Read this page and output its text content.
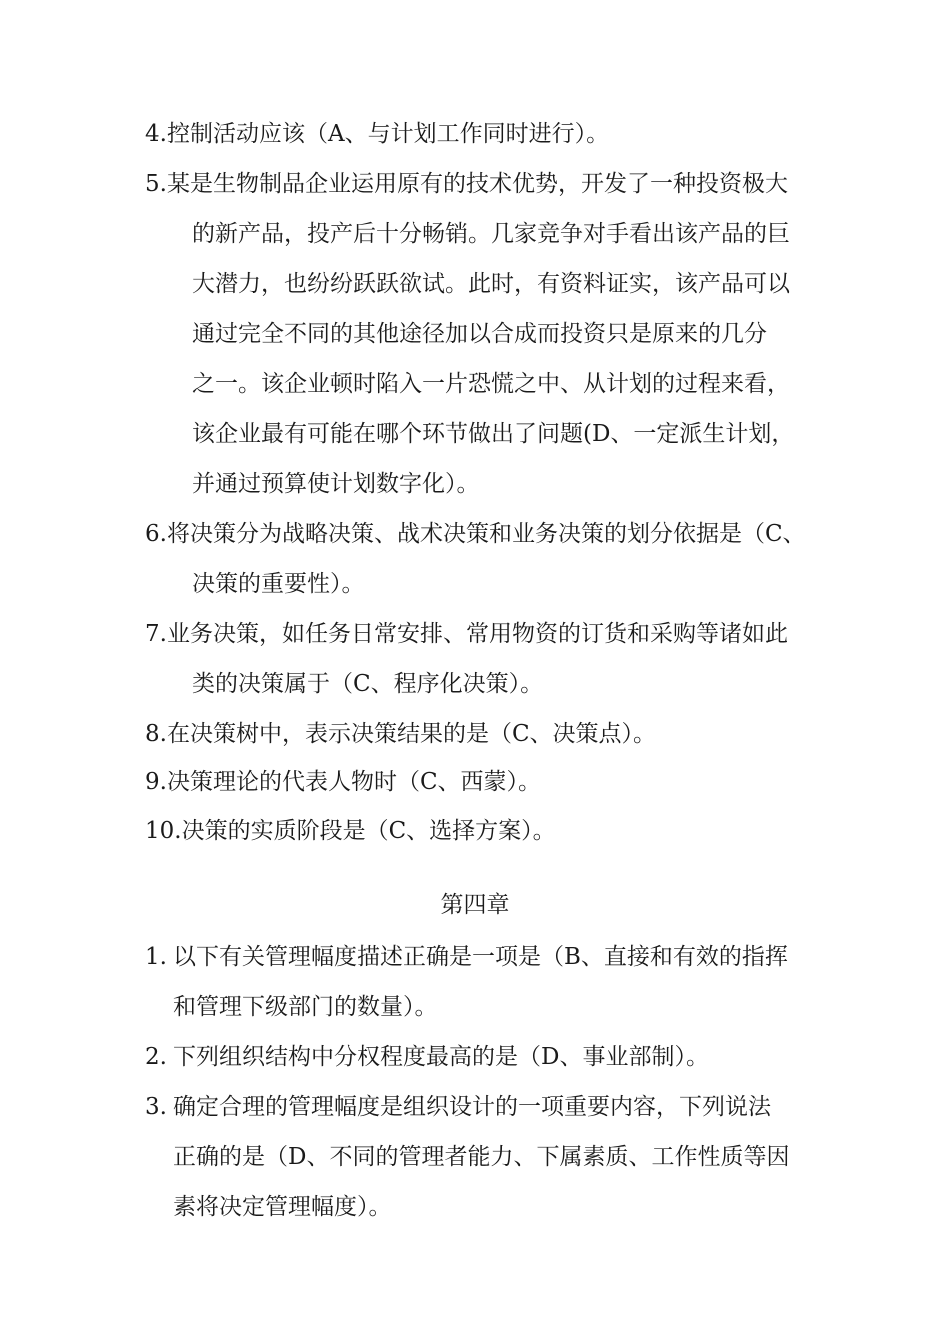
4.控制活动应该（A、与计划工作同时进行）。
5.某是生物制品企业运用原有的技术优势，开发了一种投资极大
的新产品，投产后十分畅销。几家竞争对手看出该产品的巨
大潜力，也纷纷跃跃欲试。此时，有资料证实，该产品可以
通过完全不同的其他途径加以合成而投资只是原来的几分
之一。该企业顿时陷入一片恐慌之中、从计划的过程来看，
该企业最有可能在哪个环节做出了问题(D、一定派生计划，
并通过预算使计划数字化）。
6.将决策分为战略决策、战术决策和业务决策的划分依据是（C、
决策的重要性）。
7.业务决策，如任务日常安排、常用物资的订货和采购等诸如此
类的决策属于（C、程序化决策）。
8.在决策树中，表示决策结果的是（C、决策点）。
9.决策理论的代表人物时（C、西蒙）。
10.决策的实质阶段是（C、选择方案）。
第四章
1. 以下有关管理幅度描述正确是一项是（B、直接和有效的指挥
和管理下级部门的数量）。
2. 下列组织结构中分权程度最高的是（D、事业部制）。
3. 确定合理的管理幅度是组织设计的一项重要内容，下列说法
正确的是（D、不同的管理者能力、下属素质、工作性质等因
素将决定管理幅度）。
